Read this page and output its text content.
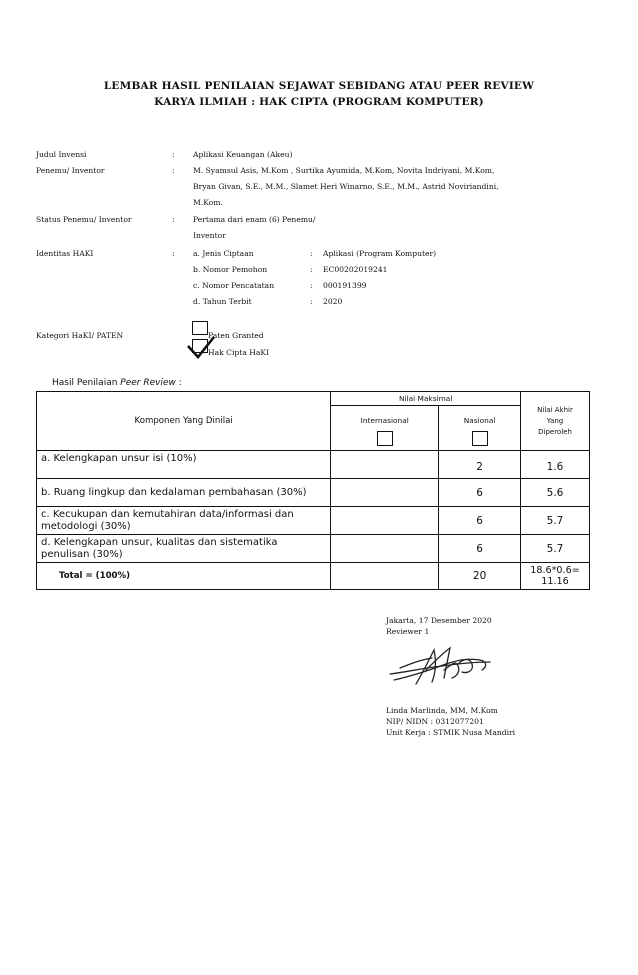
LEMBAR HASIL PENILAIAN SEJAWAT SEBIDANG ATAU PEER REVIEW
KARYA ILMIAH : HAK CIPTA (PROGRAM KOMPUTER)
Judul Invensi	: Aplikasi Keuangan (Akeu)
Penemu/ Inventor	: M. Syamsul Asis, M.Kom , Surtika Ayumida, M.Kom, Novita Indriyani, M.Kom,
Bryan Givan, S.E., M.M., Slamet Heri Winarno, S.E., M.M., Astrid Noviriandini,
M.Kom.
Status Penemu/ Inventor	: Pertama dari enam (6) Penemu/
Inventor
Identitas HAKI	: a. Jenis Ciptaan	: Aplikasi (Program Komputer)
b. Nomor Pemohon	: EC00202019241
c. Nomor Pencatatan	: 000191399
d. Tahun Terbit	: 2020
Kategori HaKI/ PATEN	Paten Granted
Hak Cipta HaKI
Hasil Penilaian Peer Review :
Komponen Yang Dinilai	Nilai Maksimal		Nilai Akhir Yang Diperoleh

	Internasional	Nasional	

a. Kelengkapan unsur isi (10%)		2	1.6
b. Ruang lingkup dan kedalaman pembahasan (30%)		6	5.6
c. Kecukupan dan kemutahiran data/informasi dan metodologi (30%)		6	5.7
d. Kelengkapan unsur, kualitas dan sistematika penulisan (30%)		6	5.7
Total = (100%)		20	18.6*0.6= 11.16
Jakarta, 17 Desember 2020
Reviewer 1
Linda Marlinda, MM, M.Kom
NIP/ NIDN : 0312077201
Unit Kerja : STMIK Nusa Mandiri
